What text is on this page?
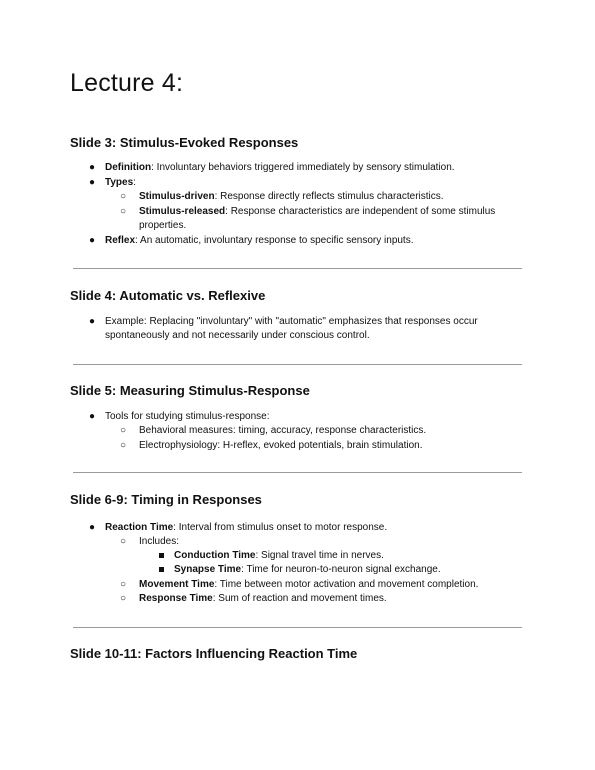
Lecture 4:
Slide 3: Stimulus-Evoked Responses
● Definition: Involuntary behaviors triggered immediately by sensory stimulation.
● Types:
○ Stimulus-driven: Response directly reflects stimulus characteristics.
○ Stimulus-released: Response characteristics are independent of some stimulus
properties.
● Reflex: An automatic, involuntary response to specific sensory inputs.
Slide 4: Automatic vs. Reflexive
● Example: Replacing "involuntary" with "automatic" emphasizes that responses occur
spontaneously and not necessarily under conscious control.
Slide 5: Measuring Stimulus-Response
● Tools for studying stimulus-response:
○ Behavioral measures: timing, accuracy, response characteristics.
○ Electrophysiology: H-reflex, evoked potentials, brain stimulation.
Slide 6-9: Timing in Responses
● Reaction Time: Interval from stimulus onset to motor response.
○ Includes:
Conduction Time: Signal travel time in nerves.
Synapse Time: Time for neuron-to-neuron signal exchange.
○ Movement Time: Time between motor activation and movement completion.
○ Response Time: Sum of reaction and movement times.
Slide 10-11: Factors Influencing Reaction Time
